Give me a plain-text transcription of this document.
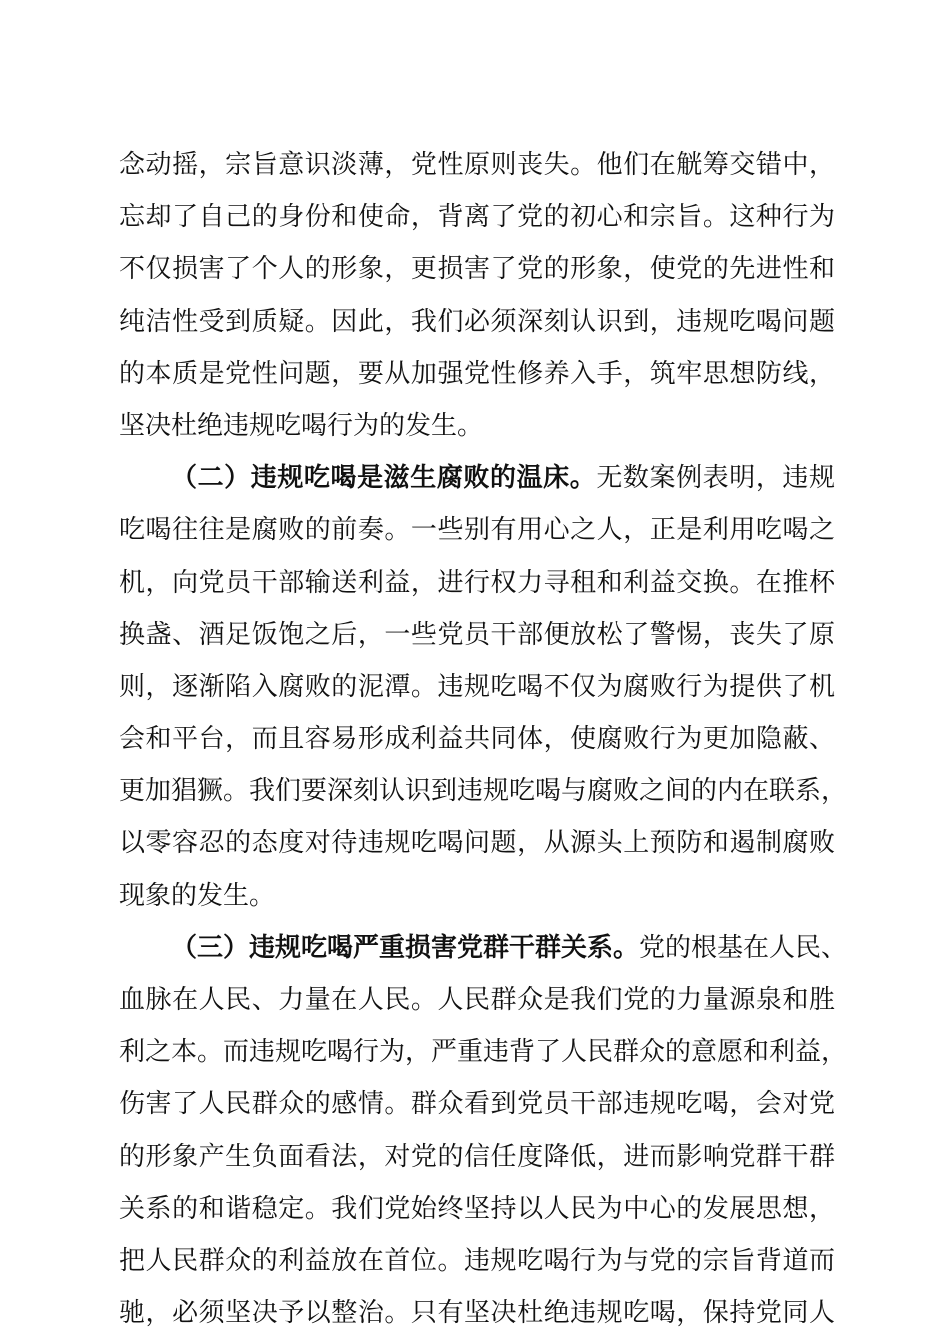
念动摇，宗旨意识淡薄，党性原则丧失。他们在觥筹交错中，
忘却了自己的身份和使命，背离了党的初心和宗旨。这种行为
不仅损害了个人的形象，更损害了党的形象，使党的先进性和
纯洁性受到质疑。因此，我们必须深刻认识到，违规吃喝问题
的本质是党性问题，要从加强党性修养入手，筑牢思想防线，
坚决杜绝违规吃喝行为的发生。
（二）违规吃喝是滋生腐败的温床。无数案例表明，违规
吃喝往往是腐败的前奏。一些别有用心之人，正是利用吃喝之
机，向党员干部输送利益，进行权力寻租和利益交换。在推杯
换盏、酒足饭饱之后，一些党员干部便放松了警惕，丧失了原
则，逐渐陷入腐败的泥潭。违规吃喝不仅为腐败行为提供了机
会和平台，而且容易形成利益共同体，使腐败行为更加隐蔽、
更加猖獗。我们要深刻认识到违规吃喝与腐败之间的内在联系，
以零容忍的态度对待违规吃喝问题，从源头上预防和遏制腐败
现象的发生。
（三）违规吃喝严重损害党群干群关系。党的根基在人民、
血脉在人民、力量在人民。人民群众是我们党的力量源泉和胜
利之本。而违规吃喝行为，严重违背了人民群众的意愿和利益，
伤害了人民群众的感情。群众看到党员干部违规吃喝，会对党
的形象产生负面看法，对党的信任度降低，进而影响党群干群
关系的和谐稳定。我们党始终坚持以人民为中心的发展思想，
把人民群众的利益放在首位。违规吃喝行为与党的宗旨背道而
驰，必须坚决予以整治。只有坚决杜绝违规吃喝，保持党同人
